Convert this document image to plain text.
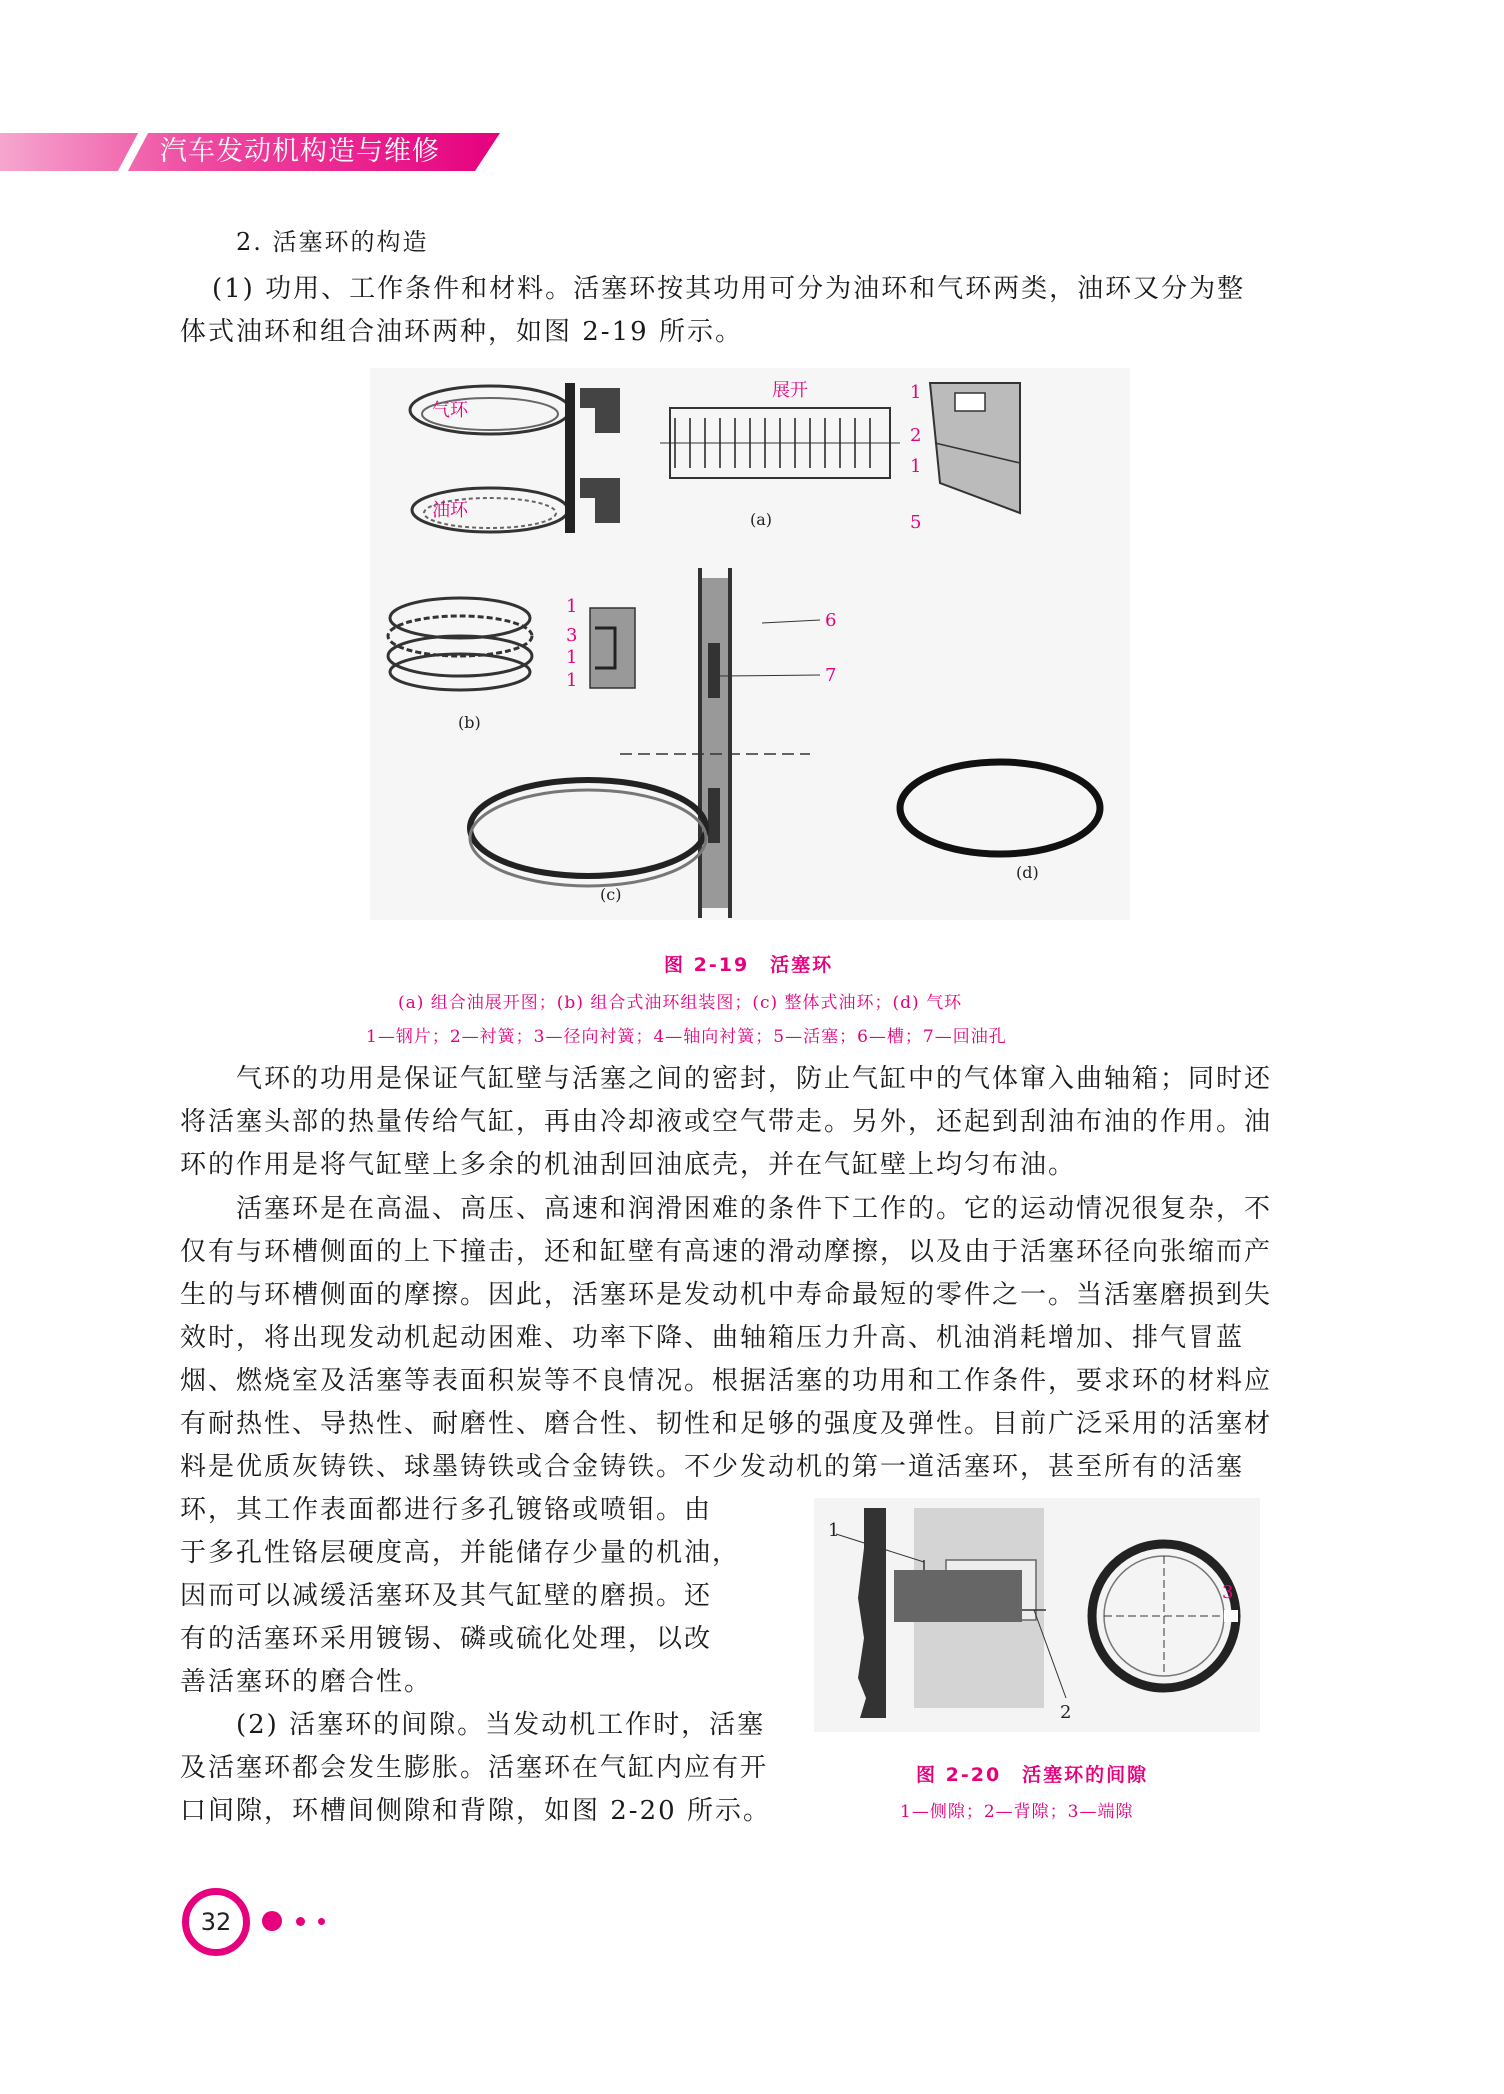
汽车发动机构造与维修
2. 活塞环的构造
(1) 功用、工作条件和材料。活塞环按其功用可分为油环和气环两类，油环又分为整
体式油环和组合油环两种，如图 2-19 所示。
气环
油环
展开
(a)
1
2
1
5
1
3
1
1
(b)
6
7
(c)
(d)
图 2-19　活塞环
(a) 组合油展开图；(b) 组合式油环组装图；(c) 整体式油环；(d) 气环
1—钢片；2—衬簧；3—径向衬簧；4—轴向衬簧；5—活塞；6—槽；7—回油孔
气环的功用是保证气缸壁与活塞之间的密封，防止气缸中的气体窜入曲轴箱；同时还
将活塞头部的热量传给气缸，再由冷却液或空气带走。另外，还起到刮油布油的作用。油
环的作用是将气缸壁上多余的机油刮回油底壳，并在气缸壁上均匀布油。
活塞环是在高温、高压、高速和润滑困难的条件下工作的。它的运动情况很复杂，不
仅有与环槽侧面的上下撞击，还和缸壁有高速的滑动摩擦，以及由于活塞环径向张缩而产
生的与环槽侧面的摩擦。因此，活塞环是发动机中寿命最短的零件之一。当活塞磨损到失
效时，将出现发动机起动困难、功率下降、曲轴箱压力升高、机油消耗增加、排气冒蓝
烟、燃烧室及活塞等表面积炭等不良情况。根据活塞的功用和工作条件，要求环的材料应
有耐热性、导热性、耐磨性、磨合性、韧性和足够的强度及弹性。目前广泛采用的活塞材
料是优质灰铸铁、球墨铸铁或合金铸铁。不少发动机的第一道活塞环，甚至所有的活塞
环，其工作表面都进行多孔镀铬或喷钼。由
于多孔性铬层硬度高，并能储存少量的机油，
因而可以减缓活塞环及其气缸壁的磨损。还
有的活塞环采用镀锡、磷或硫化处理，以改
善活塞环的磨合性。
(2) 活塞环的间隙。当发动机工作时，活塞
及活塞环都会发生膨胀。活塞环在气缸内应有开
口间隙，环槽间侧隙和背隙，如图 2-20 所示。
1
2
3
图 2-20　活塞环的间隙
1—侧隙；2—背隙；3—端隙
32
